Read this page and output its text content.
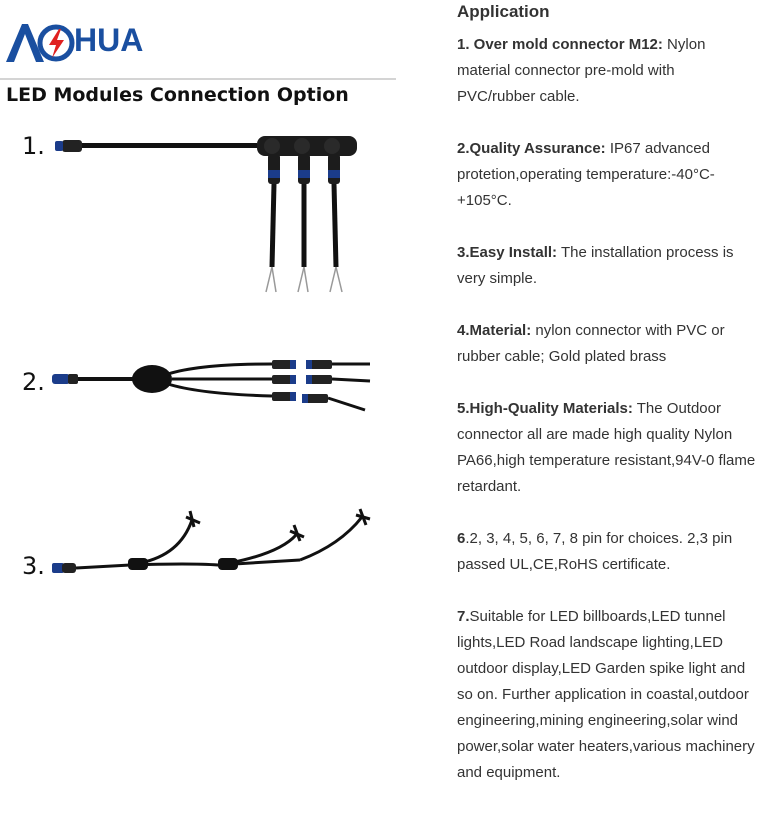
HUA
LED Modules Connection Option
1.
2.
3.
Application
1. Over mold connector M12: Nylon material connector pre-mold with PVC/rubber cable.
2.Quality Assurance: IP67 advanced protetion,operating temperature:-40°C-+105°C.
3.Easy Install: The installation process is very simple.
4.Material: nylon connector with PVC or rubber cable; Gold plated brass
5.High-Quality Materials: The Outdoor connector all are made high quality Nylon PA66,high temperature resistant,94V-0 flame retardant.
6.2, 3, 4, 5, 6, 7, 8 pin for choices. 2,3 pin passed UL,CE,RoHS certificate.
7.Suitable for LED billboards,LED tunnel lights,LED Road landscape lighting,LED outdoor display,LED Garden spike light and so on. Further application in coastal,outdoor engineering,mining engineering,solar wind power,solar water heaters,various machinery and equipment.
